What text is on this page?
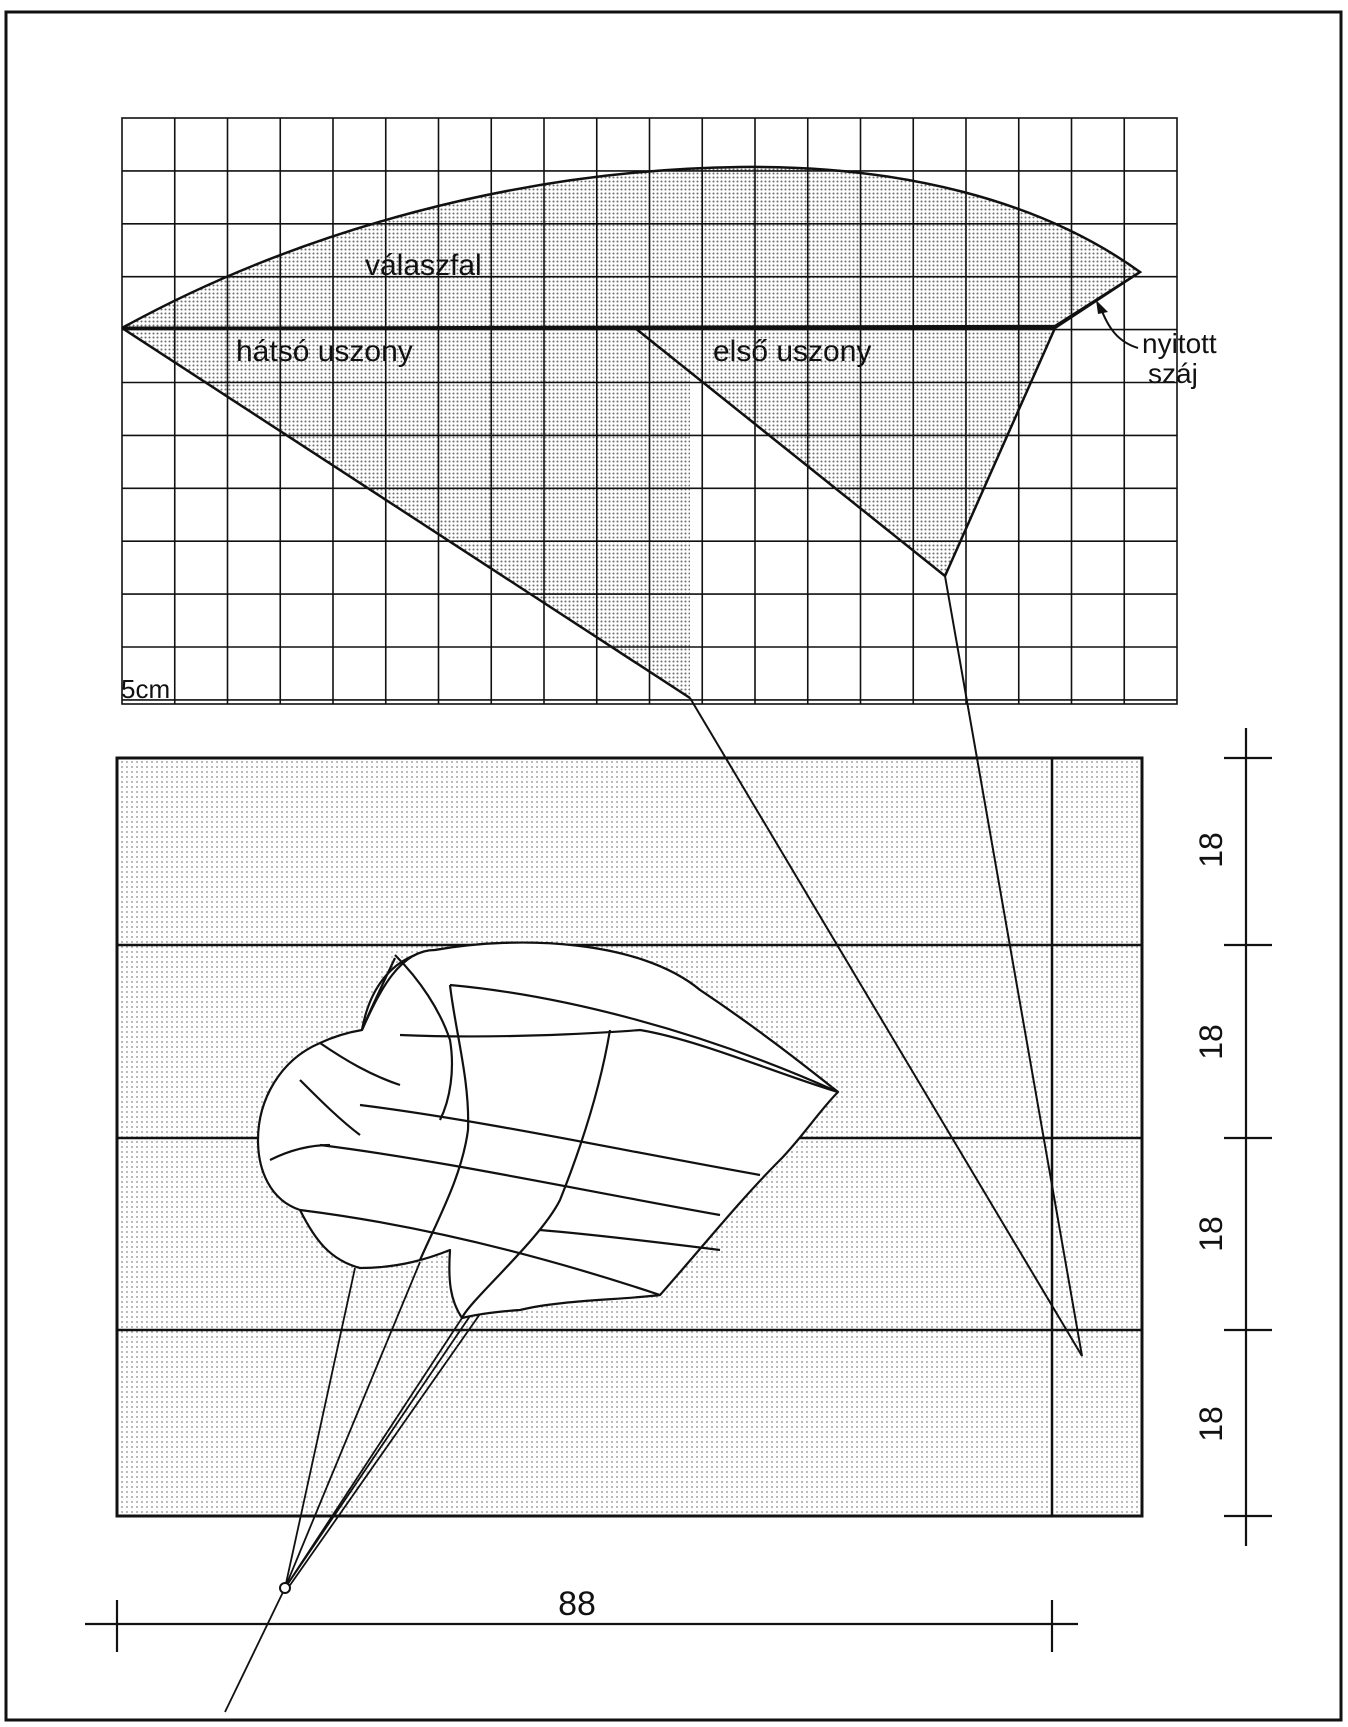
válaszfal
hátsó uszony	első uszony	nyitott
száj
5cm
18
18
18
18
88
